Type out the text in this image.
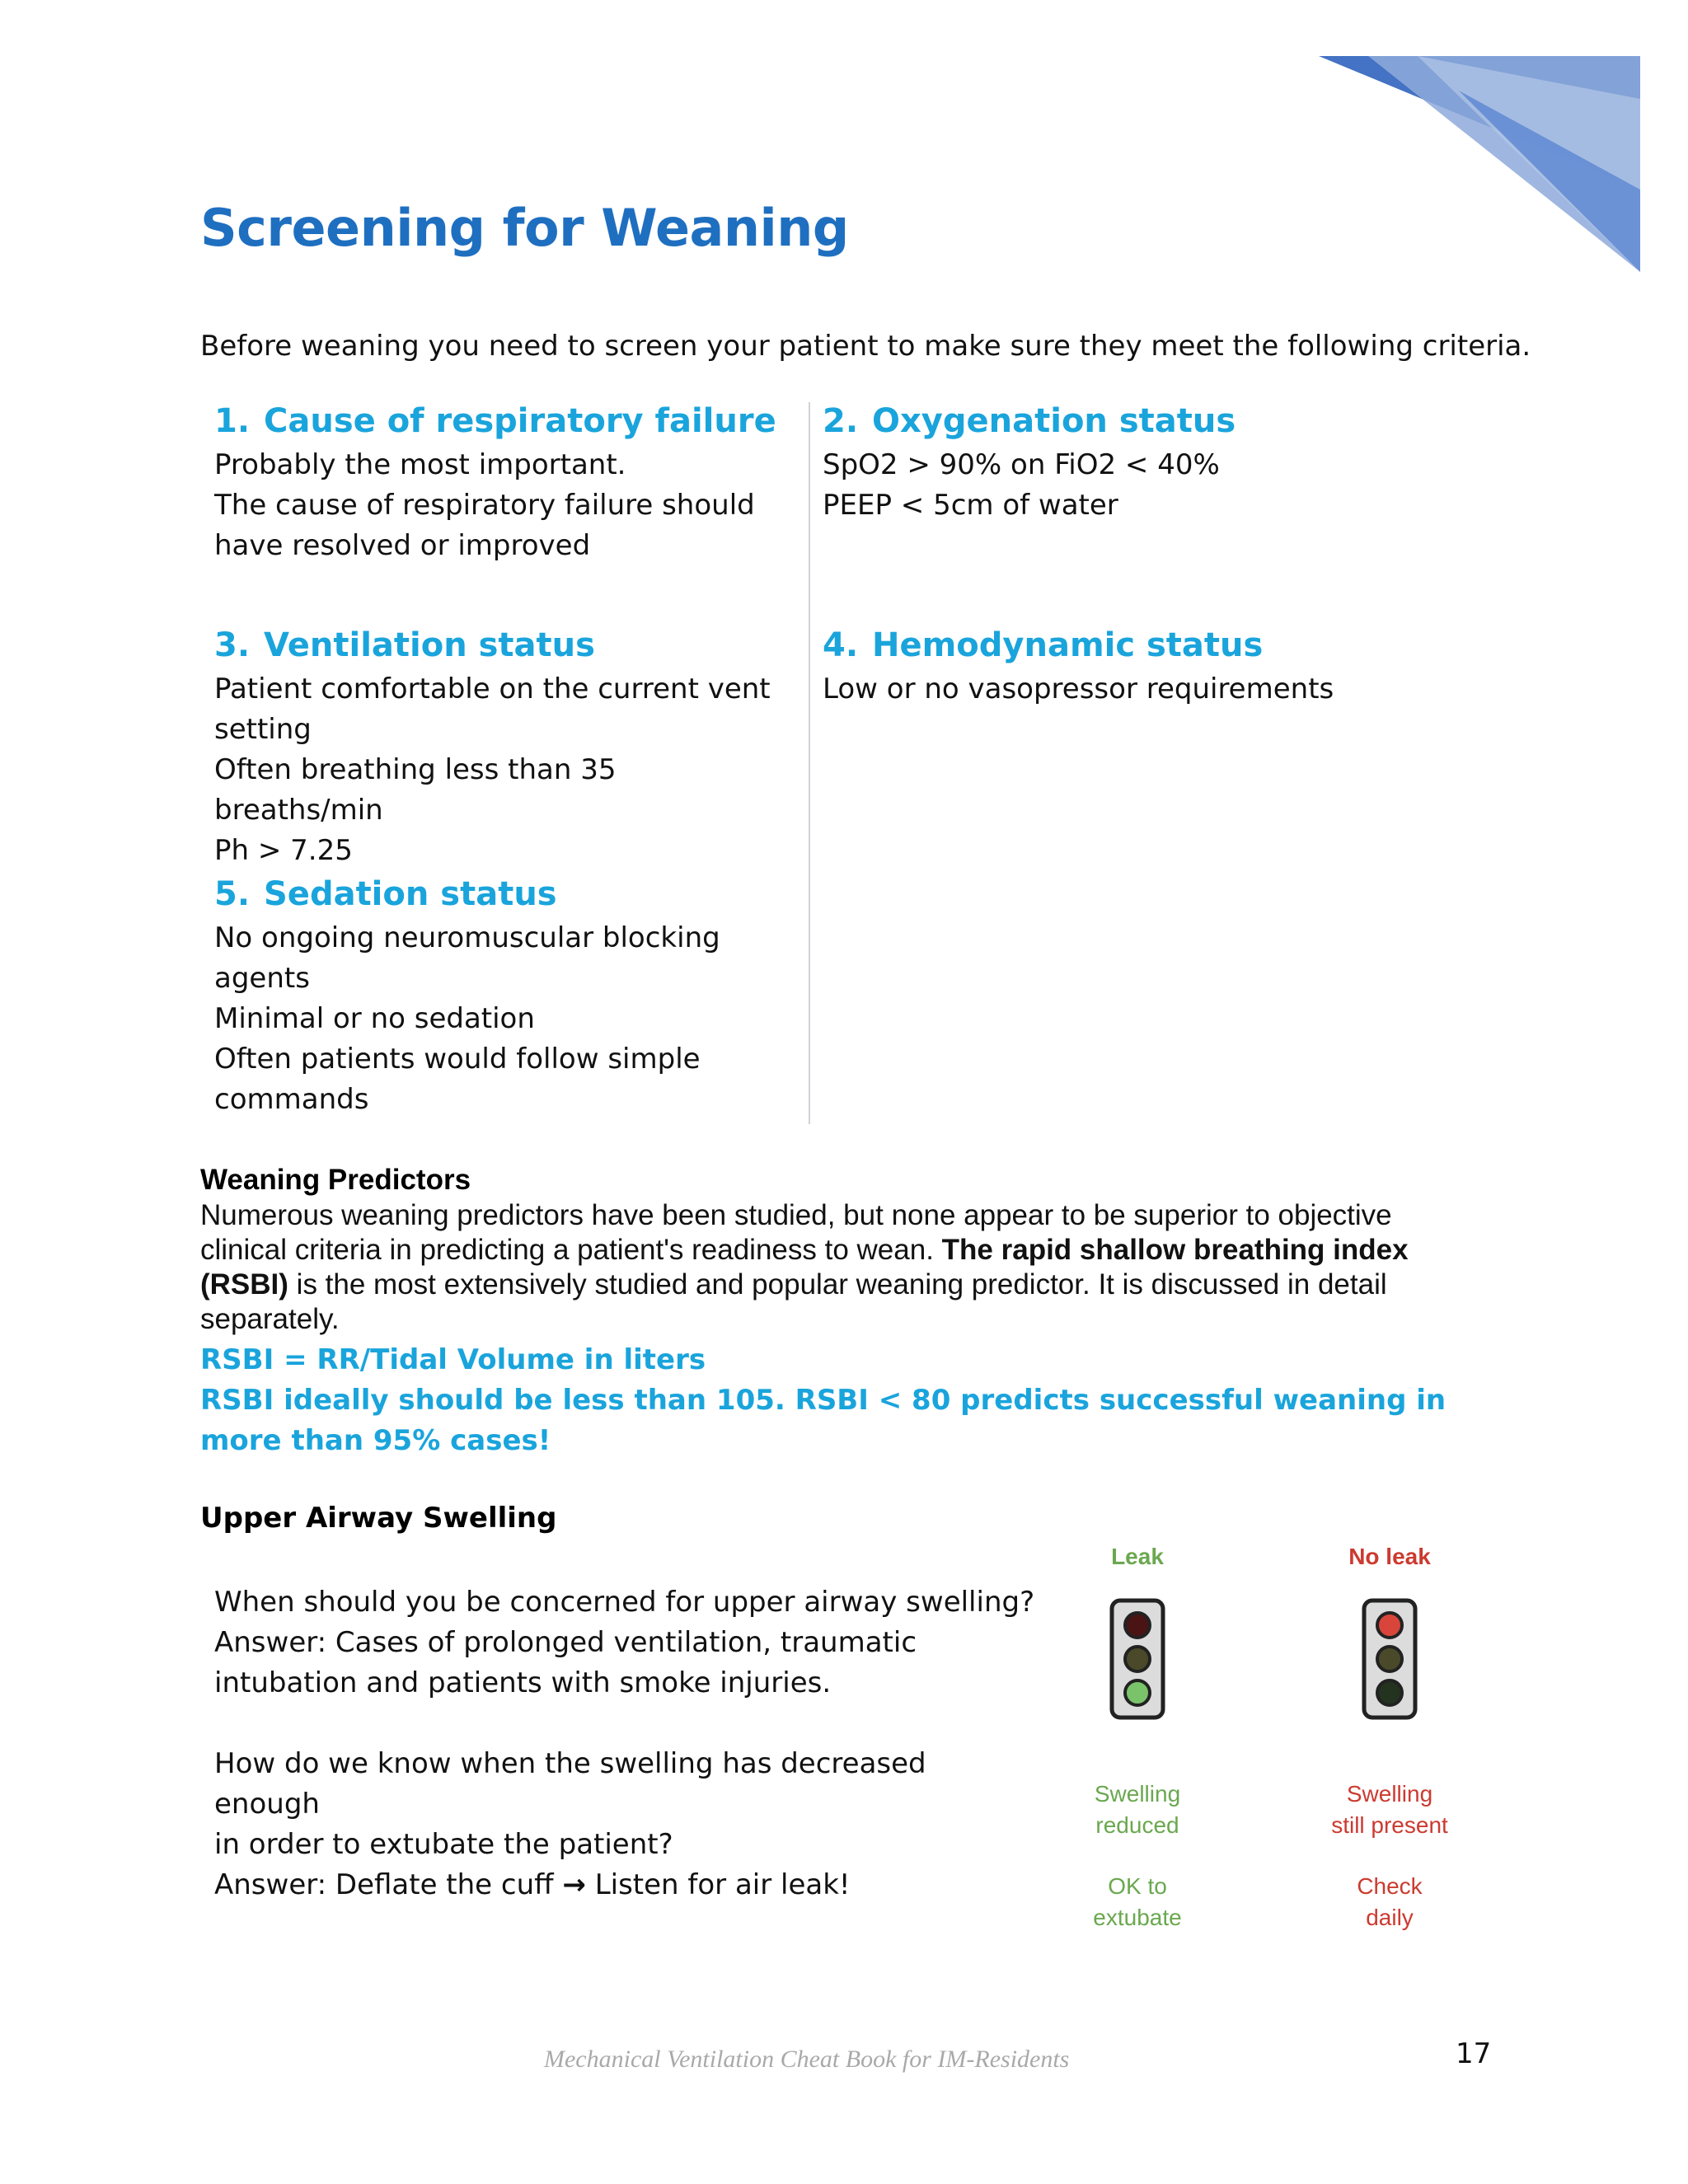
Screening for Weaning
Before weaning you need to screen your patient to make sure they meet the following criteria.
1. Cause of respiratory failure
Probably the most important.
The cause of respiratory failure should
have resolved or improved
2. Oxygenation status
SpO2 > 90% on FiO2 < 40%
PEEP < 5cm of water
3. Ventilation status
Patient comfortable on the current vent
setting
Often breathing less than 35 breaths/min
Ph > 7.25
4. Hemodynamic status
Low or no vasopressor requirements
5. Sedation status
No ongoing neuromuscular blocking
agents
Minimal or no sedation
Often patients would follow simple
commands
Weaning Predictors
Numerous weaning predictors have been studied, but none appear to be superior to objective clinical criteria in predicting a patient's readiness to wean. The rapid shallow breathing index (RSBI) is the most extensively studied and popular weaning predictor. It is discussed in detail separately.
RSBI = RR/Tidal Volume in liters
RSBI ideally should be less than 105. RSBI < 80 predicts successful weaning in more than 95% cases!
Upper Airway Swelling
When should you be concerned for upper airway swelling?
Answer: Cases of prolonged ventilation, traumatic
intubation and patients with smoke injuries.
How do we know when the swelling has decreased enough
in order to extubate the patient?
Answer: Deflate the cuff → Listen for air leak!
Leak
Swelling
reduced
OK to
extubate
No leak
Swelling
still present
Check
daily
Mechanical Ventilation Cheat Book for IM-Residents	17
